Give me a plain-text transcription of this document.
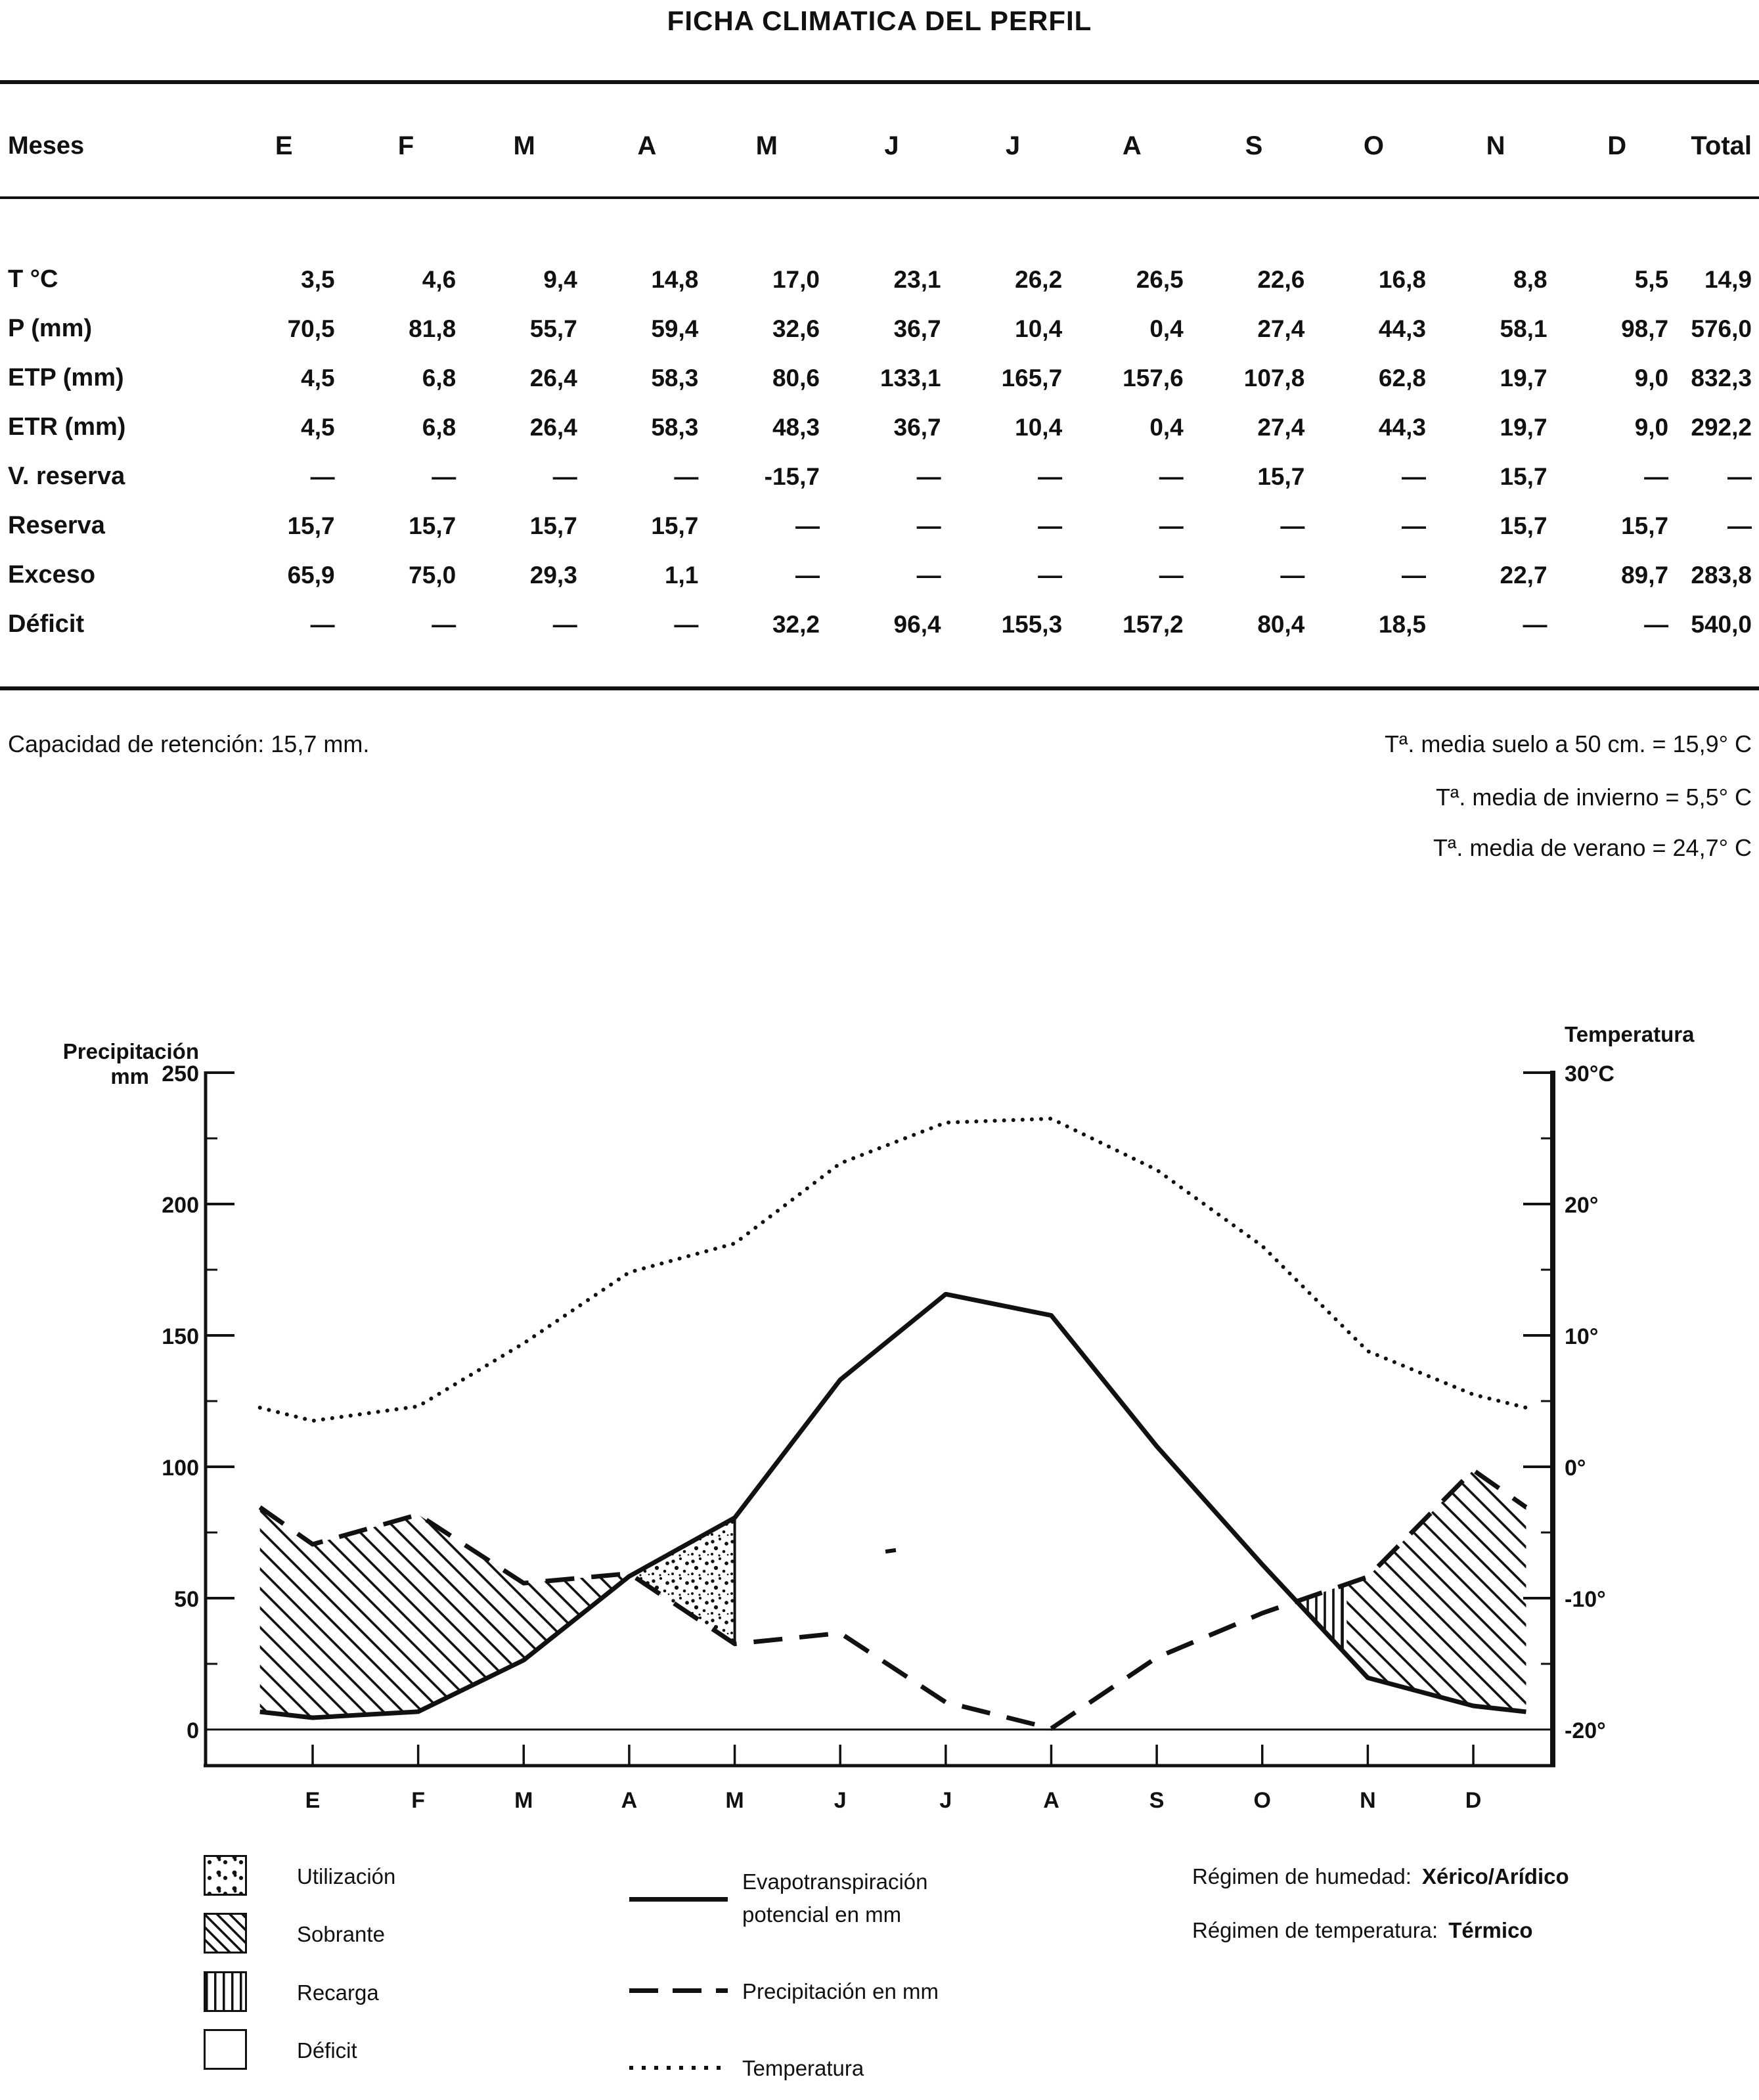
250
200
150
100
50
0
30°C
20°
10°
0°
-10°
-20°
E	F	M	A	M	J	J	A	S	O	N	D
Precipitación
mm
Temperatura
FICHA CLIMATICA DEL PERFIL
Meses	E	F	M	A	M	J	J	A	S	O	N	D	Total
T °C	3,5	4,6	9,4	14,8	17,0	23,1	26,2	26,5	22,6	16,8	8,8	5,5	14,9
P (mm)	70,5	81,8	55,7	59,4	32,6	36,7	10,4	0,4	27,4	44,3	58,1	98,7 576,0
ETP (mm)	4,5	6,8	26,4	58,3	80,6	133,1	165,7	157,6	107,8	62,8	19,7	9,0 832,3
ETR (mm)	4,5	6,8	26,4	58,3	48,3	36,7	10,4	0,4	27,4	44,3	19,7	9,0 292,2
V. reserva	—	—	—	—	-15,7	—	—	—	15,7	—	15,7	—	—
Reserva	15,7	15,7	15,7	15,7	—	—	—	—	—	—	15,7	15,7	—
Exceso	65,9	75,0	29,3	1,1	—	—	—	—	—	—	22,7	89,7 283,8
Déficit	—	—	—	—	32,2	96,4	155,3	157,2	80,4	18,5	—	— 540,0
Capacidad de retención: 15,7 mm.	Tª. media suelo a 50 cm. = 15,9° C
Tª. media de invierno = 5,5° C
Tª. media de verano = 24,7° C
Utilización
Sobrante
Recarga
Déficit
Evapotranspiración
potencial en mm
Precipitación en mm
Temperatura
Régimen de humedad: Xérico/Arídico
Régimen de temperatura: Térmico
